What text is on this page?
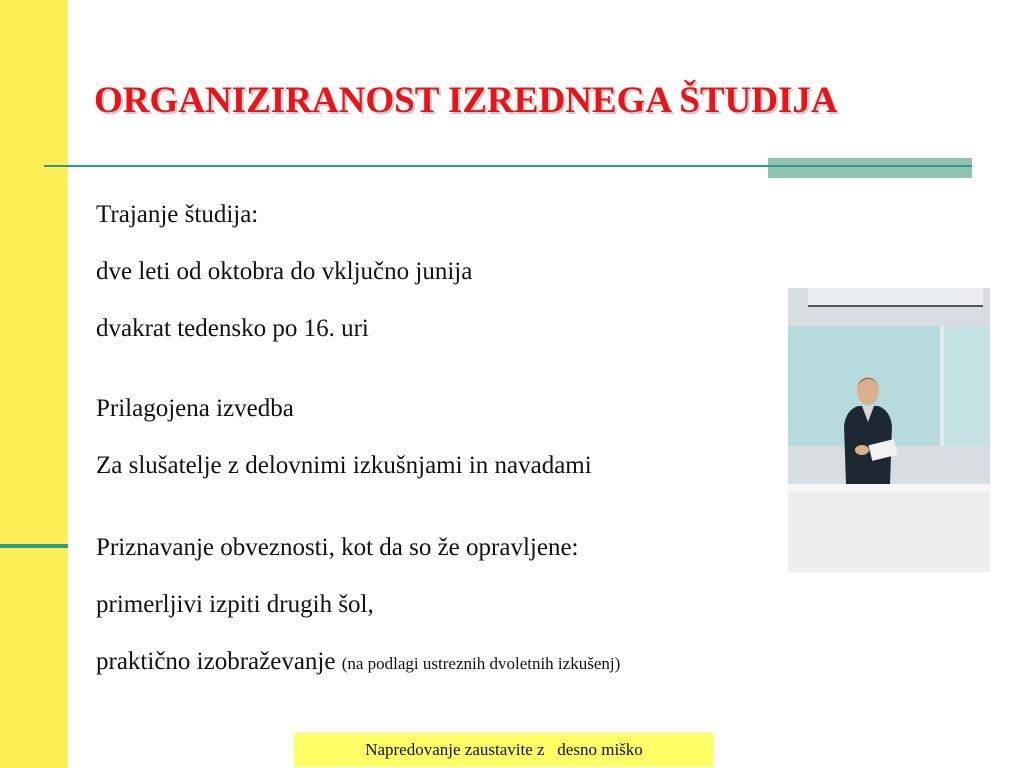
ORGANIZIRANOST IZREDNEGA ŠTUDIJA

Trajanje študija:

dve leti od oktobra do vključno junija

dvakrat tedensko po 16. uri

Prilagojena izvedba

Za slušatelje z delovnimi izkušnjami in navadami

Priznavanje obveznosti, kot da so že opravljene:

primerljivi izpiti drugih šol,

praktično izobraževanje (na podlagi ustreznih dvoletnih izkušenj)

Napredovanje zaustavite z   desno miško
